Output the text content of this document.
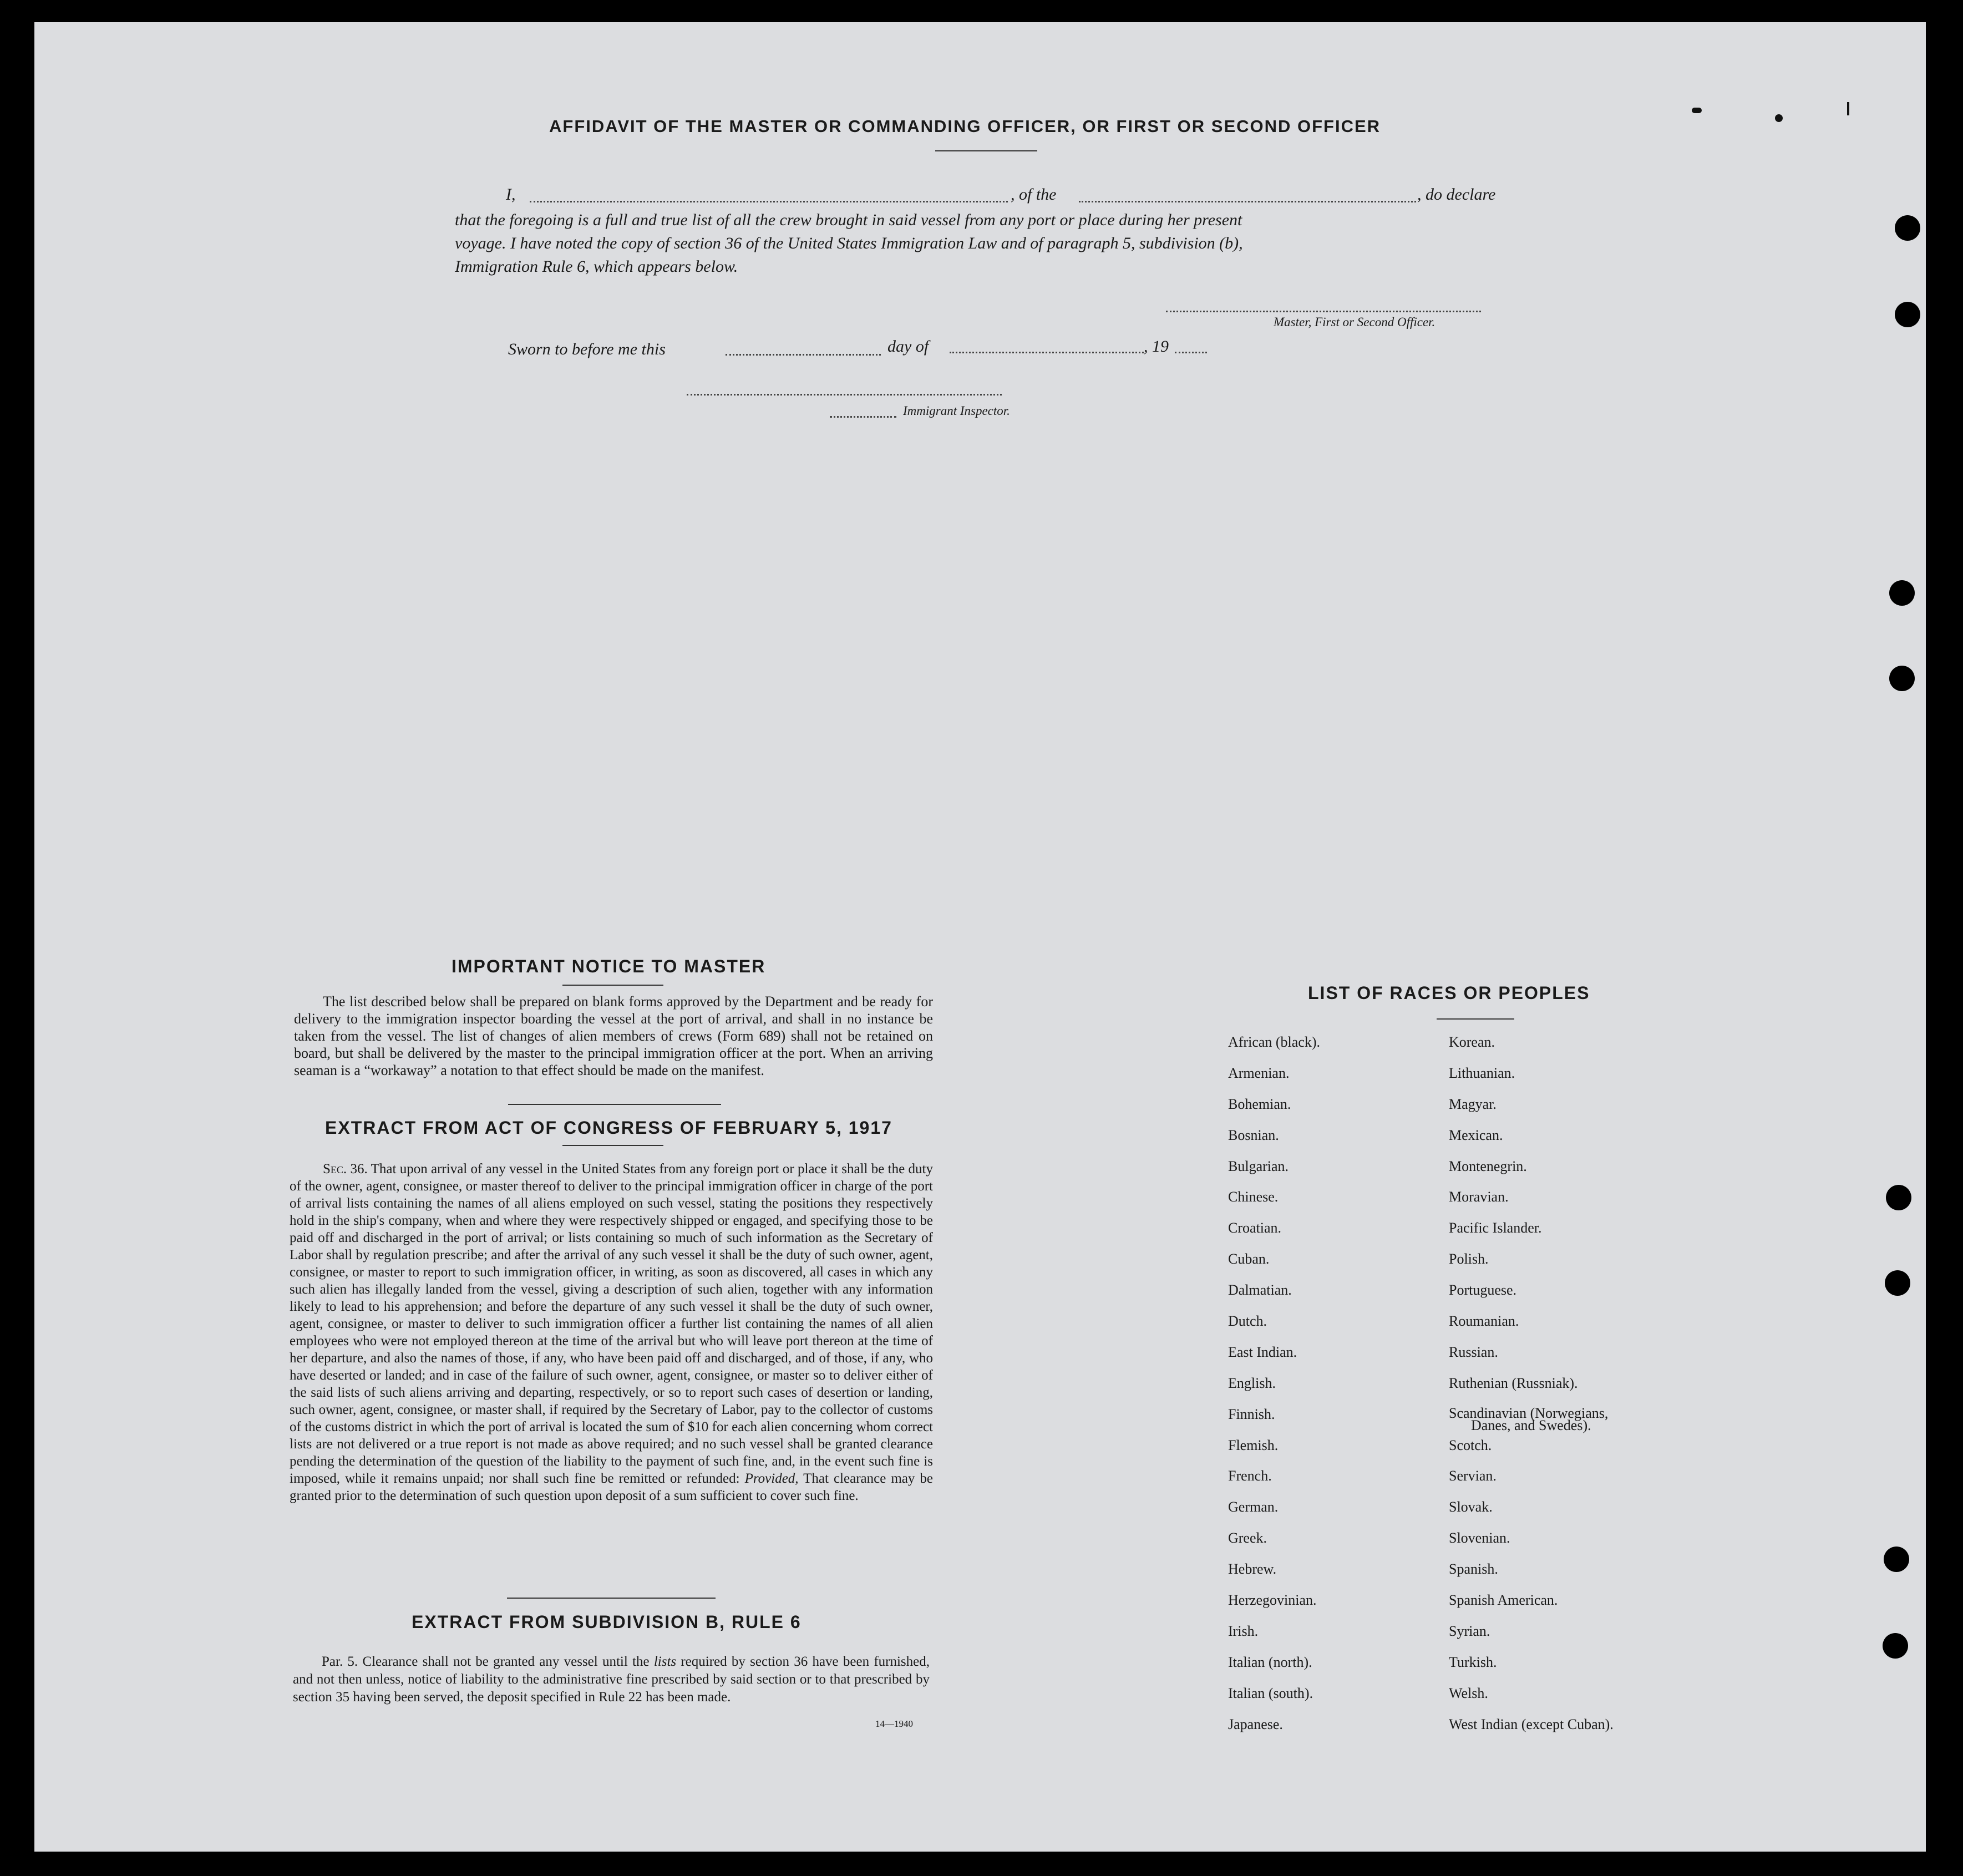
AFFIDAVIT OF THE MASTER OR COMMANDING OFFICER, OR FIRST OR SECOND OFFICER
I,	, of the	, do declare
that the foregoing is a full and true list of all the crew brought in said vessel from any port or place during her present
voyage. I have noted the copy of section 36 of the United States Immigration Law and of paragraph 5, subdivision (b),
Immigration Rule 6, which appears below.
Master, First or Second Officer.
Sworn to before me this	day of	, 19
Immigrant Inspector.
IMPORTANT NOTICE TO MASTER
The list described below shall be prepared on blank forms approved by the Department and be ready for delivery to the immigration inspector boarding the vessel at the port of arrival, and shall in no instance be taken from the vessel. The list of changes of alien members of crews (Form 689) shall not be retained on board, but shall be delivered by the master to the principal immigration officer at the port. When an arriving seaman is a “workaway” a notation to that effect should be made on the manifest.
EXTRACT FROM ACT OF CONGRESS OF FEBRUARY 5, 1917
Sec. 36. That upon arrival of any vessel in the United States from any foreign port or place it shall be the duty of the owner, agent, consignee, or master thereof to deliver to the principal immigration officer in charge of the port of arrival lists containing the names of all aliens employed on such vessel, stating the positions they respectively hold in the ship's company, when and where they were respectively shipped or engaged, and specifying those to be paid off and discharged in the port of arrival; or lists containing so much of such information as the Secretary of Labor shall by regulation prescribe; and after the arrival of any such vessel it shall be the duty of such owner, agent, consignee, or master to report to such immigration officer, in writing, as soon as discovered, all cases in which any such alien has illegally landed from the vessel, giving a description of such alien, together with any information likely to lead to his apprehension; and before the departure of any such vessel it shall be the duty of such owner, agent, consignee, or master to deliver to such immigration officer a further list containing the names of all alien employees who were not employed thereon at the time of the arrival but who will leave port thereon at the time of her departure, and also the names of those, if any, who have been paid off and discharged, and of those, if any, who have deserted or landed; and in case of the failure of such owner, agent, consignee, or master so to deliver either of the said lists of such aliens arriving and departing, respectively, or so to report such cases of desertion or landing, such owner, agent, consignee, or master shall, if required by the Secretary of Labor, pay to the collector of customs of the customs district in which the port of arrival is located the sum of $10 for each alien concerning whom correct lists are not delivered or a true report is not made as above required; and no such vessel shall be granted clearance pending the determination of the question of the liability to the payment of such fine, and, in the event such fine is imposed, while it remains unpaid; nor shall such fine be remitted or refunded: Provided, That clearance may be granted prior to the determination of such question upon deposit of a sum sufficient to cover such fine.
EXTRACT FROM SUBDIVISION B, RULE 6
Par. 5. Clearance shall not be granted any vessel until the lists required by section 36 have been furnished, and not then unless, notice of liability to the administrative fine prescribed by said section or to that prescribed by section 35 having been served, the deposit specified in Rule 22 has been made.
14—1940
LIST OF RACES OR PEOPLES
African (black).
Armenian.
Bohemian.
Bosnian.
Bulgarian.
Chinese.
Croatian.
Cuban.
Dalmatian.
Dutch.
East Indian.
English.
Finnish.
Flemish.
French.
German.
Greek.
Hebrew.
Herzegovinian.
Irish.
Italian (north).
Italian (south).
Japanese.
Korean.
Lithuanian.
Magyar.
Mexican.
Montenegrin.
Moravian.
Pacific Islander.
Polish.
Portuguese.
Roumanian.
Russian.
Ruthenian (Russniak).
Scandinavian (Norwegians,
Danes, and Swedes).
Scotch.
Servian.
Slovak.
Slovenian.
Spanish.
Spanish American.
Syrian.
Turkish.
Welsh.
West Indian (except Cuban).
